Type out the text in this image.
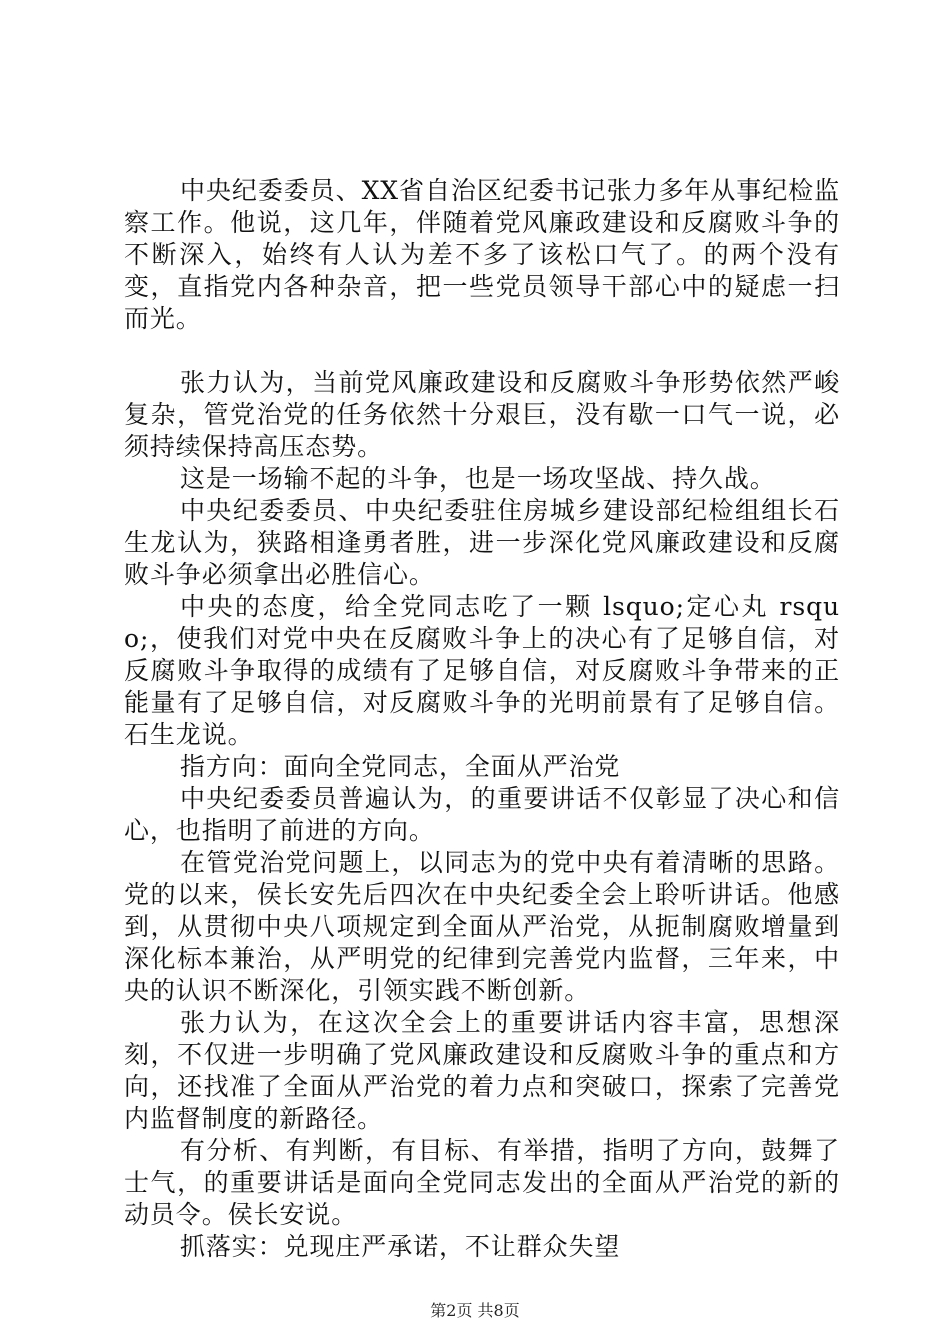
中央纪委委员、XX省自治区纪委书记张力多年从事纪检监察工作。他说，这几年，伴随着党风廉政建设和反腐败斗争的不断深入，始终有人认为差不多了该松口气了。的两个没有变，直指党内各种杂音，把一些党员领导干部心中的疑虑一扫而光。

张力认为，当前党风廉政建设和反腐败斗争形势依然严峻复杂，管党治党的任务依然十分艰巨，没有歇一口气一说，必须持续保持高压态势。

这是一场输不起的斗争，也是一场攻坚战、持久战。

中央纪委委员、中央纪委驻住房城乡建设部纪检组组长石生龙认为，狭路相逢勇者胜，进一步深化党风廉政建设和反腐败斗争必须拿出必胜信心。

中央的态度，给全党同志吃了一颗 lsquo;定心丸 rsquo;，使我们对党中央在反腐败斗争上的决心有了足够自信，对反腐败斗争取得的成绩有了足够自信，对反腐败斗争带来的正能量有了足够自信，对反腐败斗争的光明前景有了足够自信。石生龙说。

指方向：面向全党同志，全面从严治党

中央纪委委员普遍认为，的重要讲话不仅彰显了决心和信心，也指明了前进的方向。

在管党治党问题上，以同志为的党中央有着清晰的思路。党的以来，侯长安先后四次在中央纪委全会上聆听讲话。他感到，从贯彻中央八项规定到全面从严治党，从扼制腐败增量到深化标本兼治，从严明党的纪律到完善党内监督，三年来，中央的认识不断深化，引领实践不断创新。

张力认为，在这次全会上的重要讲话内容丰富，思想深刻，不仅进一步明确了党风廉政建设和反腐败斗争的重点和方向，还找准了全面从严治党的着力点和突破口，探索了完善党内监督制度的新路径。

有分析、有判断，有目标、有举措，指明了方向，鼓舞了士气，的重要讲话是面向全党同志发出的全面从严治党的新的动员令。侯长安说。

抓落实：兑现庄严承诺，不让群众失望

第2页 共8页
